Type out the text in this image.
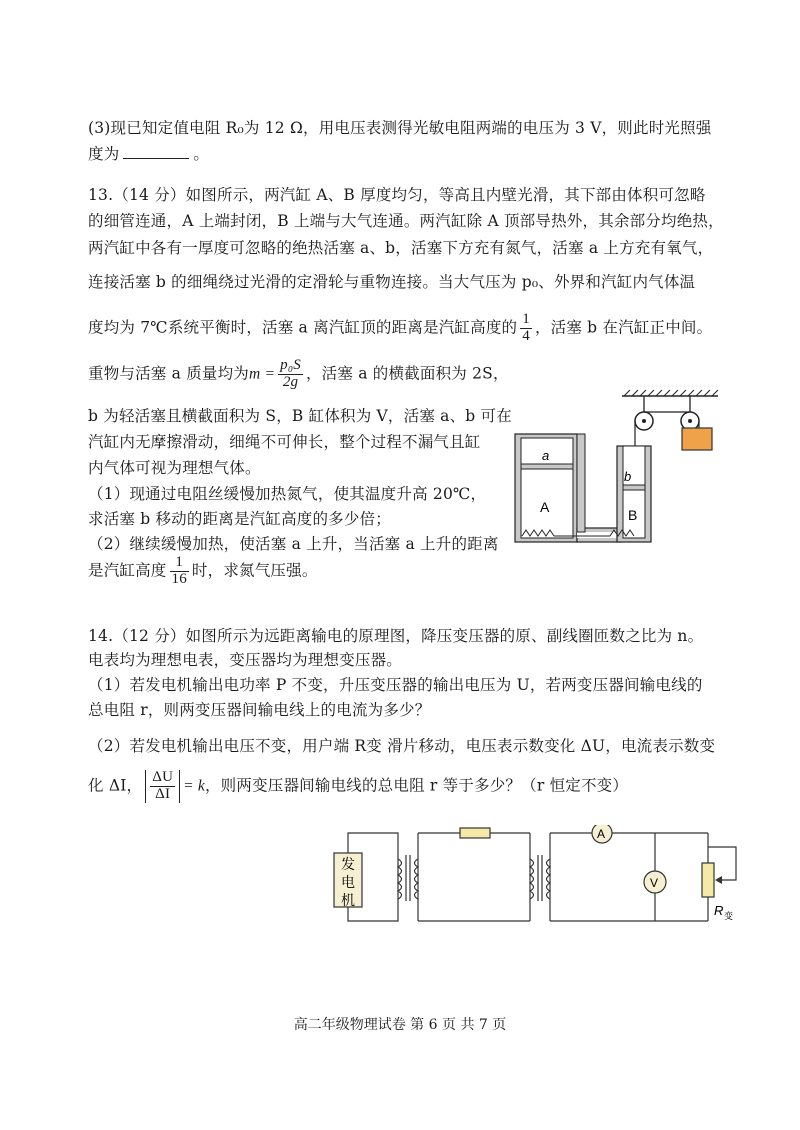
(3)现已知定值电阻 R₀为 12 Ω，用电压表测得光敏电阻两端的电压为 3 V，则此时光照强
度为	。
13.（14 分）如图所示，两汽缸 A、B 厚度均匀，等高且内壁光滑，其下部由体积可忽略
的细管连通，A 上端封闭，B 上端与大气连通。两汽缸除 A 顶部导热外，其余部分均绝热，
两汽缸中各有一厚度可忽略的绝热活塞 a、b，活塞下方充有氮气，活塞 a 上方充有氧气，
连接活塞 b 的细绳绕过光滑的定滑轮与重物连接。当大气压为 p₀、外界和汽缸内气体温
度均为 7℃系统平衡时，活塞 a 离汽缸顶的距离是汽缸高度的 $\frac{1}{4}$ ，活塞 b 在汽缸正中间。
重物与活塞 a 质量均为$m = \frac{\text{p₀S}}{2g}$ ，活塞 a 的横截面积为 2S，
b 为轻活塞且横截面积为 S，B 缸体积为 V，活塞 a、b 可在
汽缸内无摩擦滑动，细绳不可伸长，整个过程不漏气且缸
内气体可视为理想气体。
（1）现通过电阻丝缓慢加热氮气，使其温度升高 20℃，
求活塞 b 移动的距离是汽缸高度的多少倍；
（2）继续缓慢加热，使活塞 a 上升，当活塞 a 上升的距离
是汽缸高度 $\frac{1}{16}$ 时，求氮气压强。
a
b
A	B
14.（12 分）如图所示为远距离输电的原理图，降压变压器的原、副线圈匝数之比为 n。
电表均为理想电表，变压器均为理想变压器。
（1）若发电机输出电功率 P 不变，升压变压器的输出电压为 U，若两变压器间输电线的
总电阻 r，则两变压器间输电线上的电流为多少？
（2）若发电机输出电压不变，用户端 R变 滑片移动，电压表示数变化 ΔU，电流表示数变
化 ΔI， $\frac{\Delta U}{\Delta I} = k$，则两变压器间输电线的总电阻 r 等于多少？（r 恒定不变）
发
电
机
A
V
R 变
高二年级物理试卷 第 6 页 共 7 页
